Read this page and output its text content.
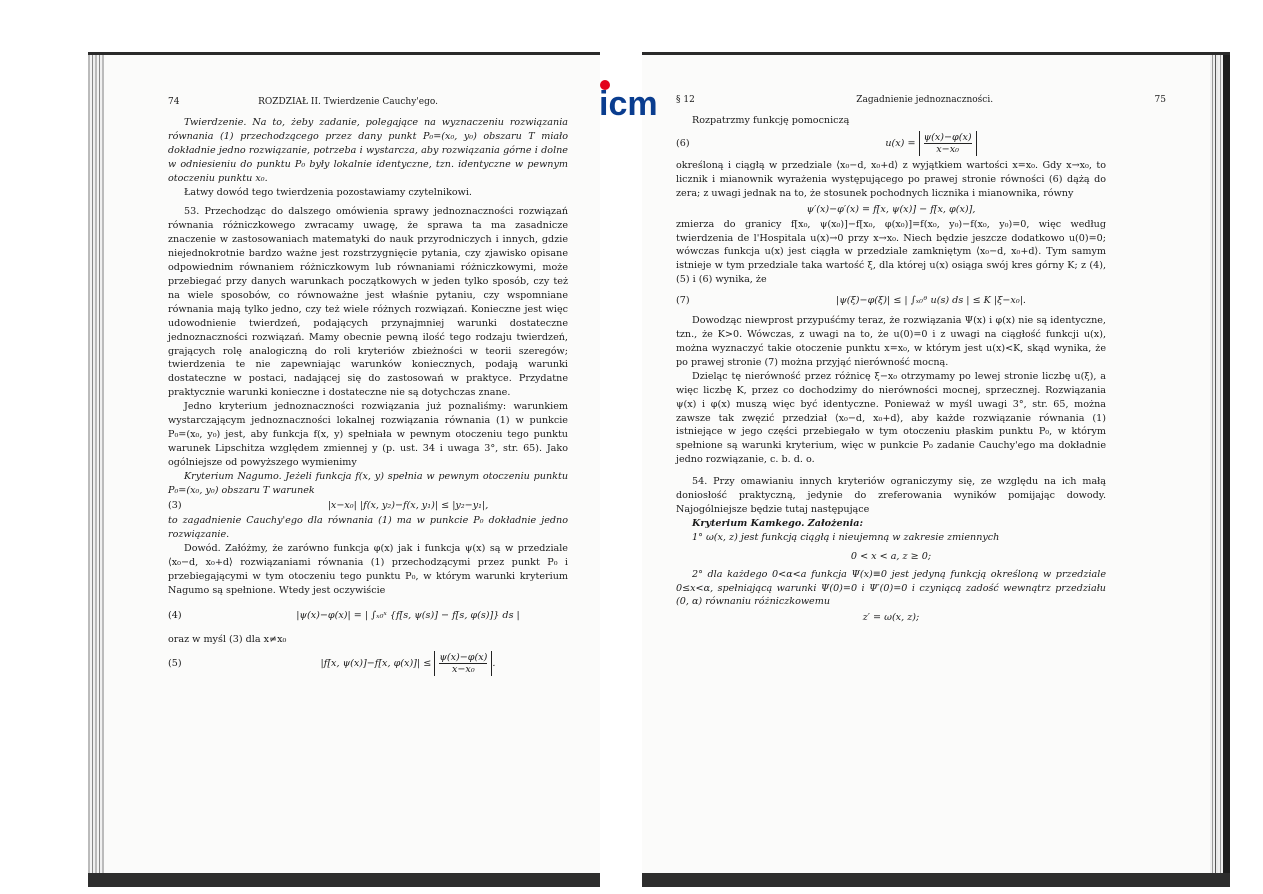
74	ROZDZIAŁ II. Twierdzenie Cauchy'ego.

Twierdzenie. Na to, żeby zadanie, polegające na wyznaczeniu rozwiązania równania (1) przechodzącego przez dany punkt P₀=(x₀, y₀) obszaru T miało dokładnie jedno rozwiązanie, potrzeba i wystarcza, aby rozwiązania górne i dolne w odniesieniu do punktu P₀ były lokalnie identyczne, tzn. identyczne w pewnym otoczeniu punktu x₀.

Łatwy dowód tego twierdzenia pozostawiamy czytelnikowi.

53. Przechodząc do dalszego omówienia sprawy jednoznaczności rozwiązań równania różniczkowego zwracamy uwagę, że sprawa ta ma zasadnicze znaczenie w zastosowaniach matematyki do nauk przyrodniczych i innych, gdzie niejednokrotnie bardzo ważne jest rozstrzygnięcie pytania, czy zjawisko opisane odpowiednim równaniem różniczkowym lub równaniami różniczkowymi, może przebiegać przy danych warunkach początkowych w jeden tylko sposób, czy też na wiele sposobów, co równoważne jest właśnie pytaniu, czy wspomniane równania mają tylko jedno, czy też wiele różnych rozwiązań. Konieczne jest więc udowodnienie twierdzeń, podających przynajmniej warunki dostateczne jednoznaczności rozwiązań. Mamy obecnie pewną ilość tego rodzaju twierdzeń, grających rolę analogiczną do roli kryteriów zbieżności w teorii szeregów; twierdzenia te nie zapewniając warunków koniecznych, podają warunki dostateczne w postaci, nadającej się do zastosowań w praktyce. Przydatne praktycznie warunki konieczne i dostateczne nie są dotychczas znane.

Jedno kryterium jednoznaczności rozwiązania już poznaliśmy: warunkiem wystarczającym jednoznaczności lokalnej rozwiązania równania (1) w punkcie P₀=(x₀, y₀) jest, aby funkcja f(x, y) spełniała w pewnym otoczeniu tego punktu warunek Lipschitza względem zmiennej y (p. ust. 34 i uwaga 3°, str. 65). Jako ogólniejsze od powyższego wymienimy

Kryterium Nagumo. Jeżeli funkcja f(x, y) spełnia w pewnym otoczeniu punktu P₀=(x₀, y₀) obszaru T warunek

(3)	|x−x₀| |f(x, y₂)−f(x, y₁)| ≤ |y₂−y₁|,

to zagadnienie Cauchy'ego dla równania (1) ma w punkcie P₀ dokładnie jedno rozwiązanie.

Dowód. Załóżmy, że zarówno funkcja φ(x) jak i funkcja ψ(x) są w przedziale ⟨x₀−d, x₀+d⟩ rozwiązaniami równania (1) przechodzącymi przez punkt P₀ i przebiegającymi w tym otoczeniu tego punktu P₀, w którym warunki kryterium Nagumo są spełnione. Wtedy jest oczywiście

(4)	|ψ(x)−φ(x)| = | ∫ₓ₀ˣ {f[s, ψ(s)] − f[s, φ(s)]} ds |

oraz w myśl (3) dla x≠x₀

(5)	|f[x, ψ(x)]−f[x, $\varphi(x)]| \le \frac{\psi(x)-\varphi(x)}{\text{x−x₀}}$ .
§ 12	Zagadnienie jednoznaczności.	75

Rozpatrzmy funkcję pomocniczą

(6)	$u(x) = \frac{\psi(x)-\varphi(x)}{\text{x−x₀}}$

określoną i ciągłą w przedziale ⟨x₀−d, x₀+d⟩ z wyjątkiem wartości x=x₀. Gdy x→x₀, to licznik i mianownik wyrażenia występującego po prawej stronie równości (6) dążą do zera; z uwagi jednak na to, że stosunek pochodnych licznika i mianownika, równy

ψ′(x)−φ′(x) = f[x, ψ(x)] − f[x, φ(x)],

zmierza do granicy f[x₀, ψ(x₀)]−f[x₀, φ(x₀)]=f(x₀, y₀)−f(x₀, y₀)=0, więc według twierdzenia de l'Hospitala u(x)→0 przy x→x₀. Niech będzie jeszcze dodatkowo u(0)=0; wówczas funkcja u(x) jest ciągła w przedziale zamkniętym ⟨x₀−d, x₀+d⟩. Tym samym istnieje w tym przedziale taka wartość ξ, dla której u(x) osiąga swój kres górny K; z (4), (5) i (6) wynika, że

(7)	|ψ(ξ)−φ(ξ)| ≤ | ∫ₓ₀ᶿ u(s) ds | ≤ K |ξ−x₀|.

Dowodząc niewprost przypuśćmy teraz, że rozwiązania Ψ(x) i φ(x) nie są identyczne, tzn., że K>0. Wówczas, z uwagi na to, że u(0)=0 i z uwagi na ciągłość funkcji u(x), można wyznaczyć takie otoczenie punktu x=x₀, w którym jest u(x)<K, skąd wynika, że po prawej stronie (7) można przyjąć nierówność mocną.

Dzieląc tę nierówność przez różnicę ξ−x₀ otrzymamy po lewej stronie liczbę u(ξ), a więc liczbę K, przez co dochodzimy do nierówności mocnej, sprzecznej. Rozwiązania ψ(x) i φ(x) muszą więc być identyczne. Ponieważ w myśl uwagi 3°, str. 65, można zawsze tak zwęzić przedział ⟨x₀−d, x₀+d⟩, aby każde rozwiązanie równania (1) istniejące w jego części przebiegało w tym otoczeniu płaskim punktu P₀, w którym spełnione są warunki kryterium, więc w punkcie P₀ zadanie Cauchy'ego ma dokładnie jedno rozwiązanie, c. b. d. o.

54. Przy omawianiu innych kryteriów ograniczymy się, ze względu na ich małą doniosłość praktyczną, jedynie do zreferowania wyników pomijając dowody. Najogólniejsze będzie tutaj następujące

Kryterium Kamkego. Założenia:

1° ω(x, z) jest funkcją ciągłą i nieujemną w zakresie zmiennych

0 < x < a, z ≥ 0;

2° dla każdego 0<α<a funkcja Ψ(x)≡0 jest jedyną funkcją określoną w przedziale 0≤x<α, spełniającą warunki Ψ(0)=0 i Ψ′(0)=0 i czyniącą zadość wewnątrz przedziału (0, α) równaniu różniczkowemu

z′ = ω(x, z);
icm
